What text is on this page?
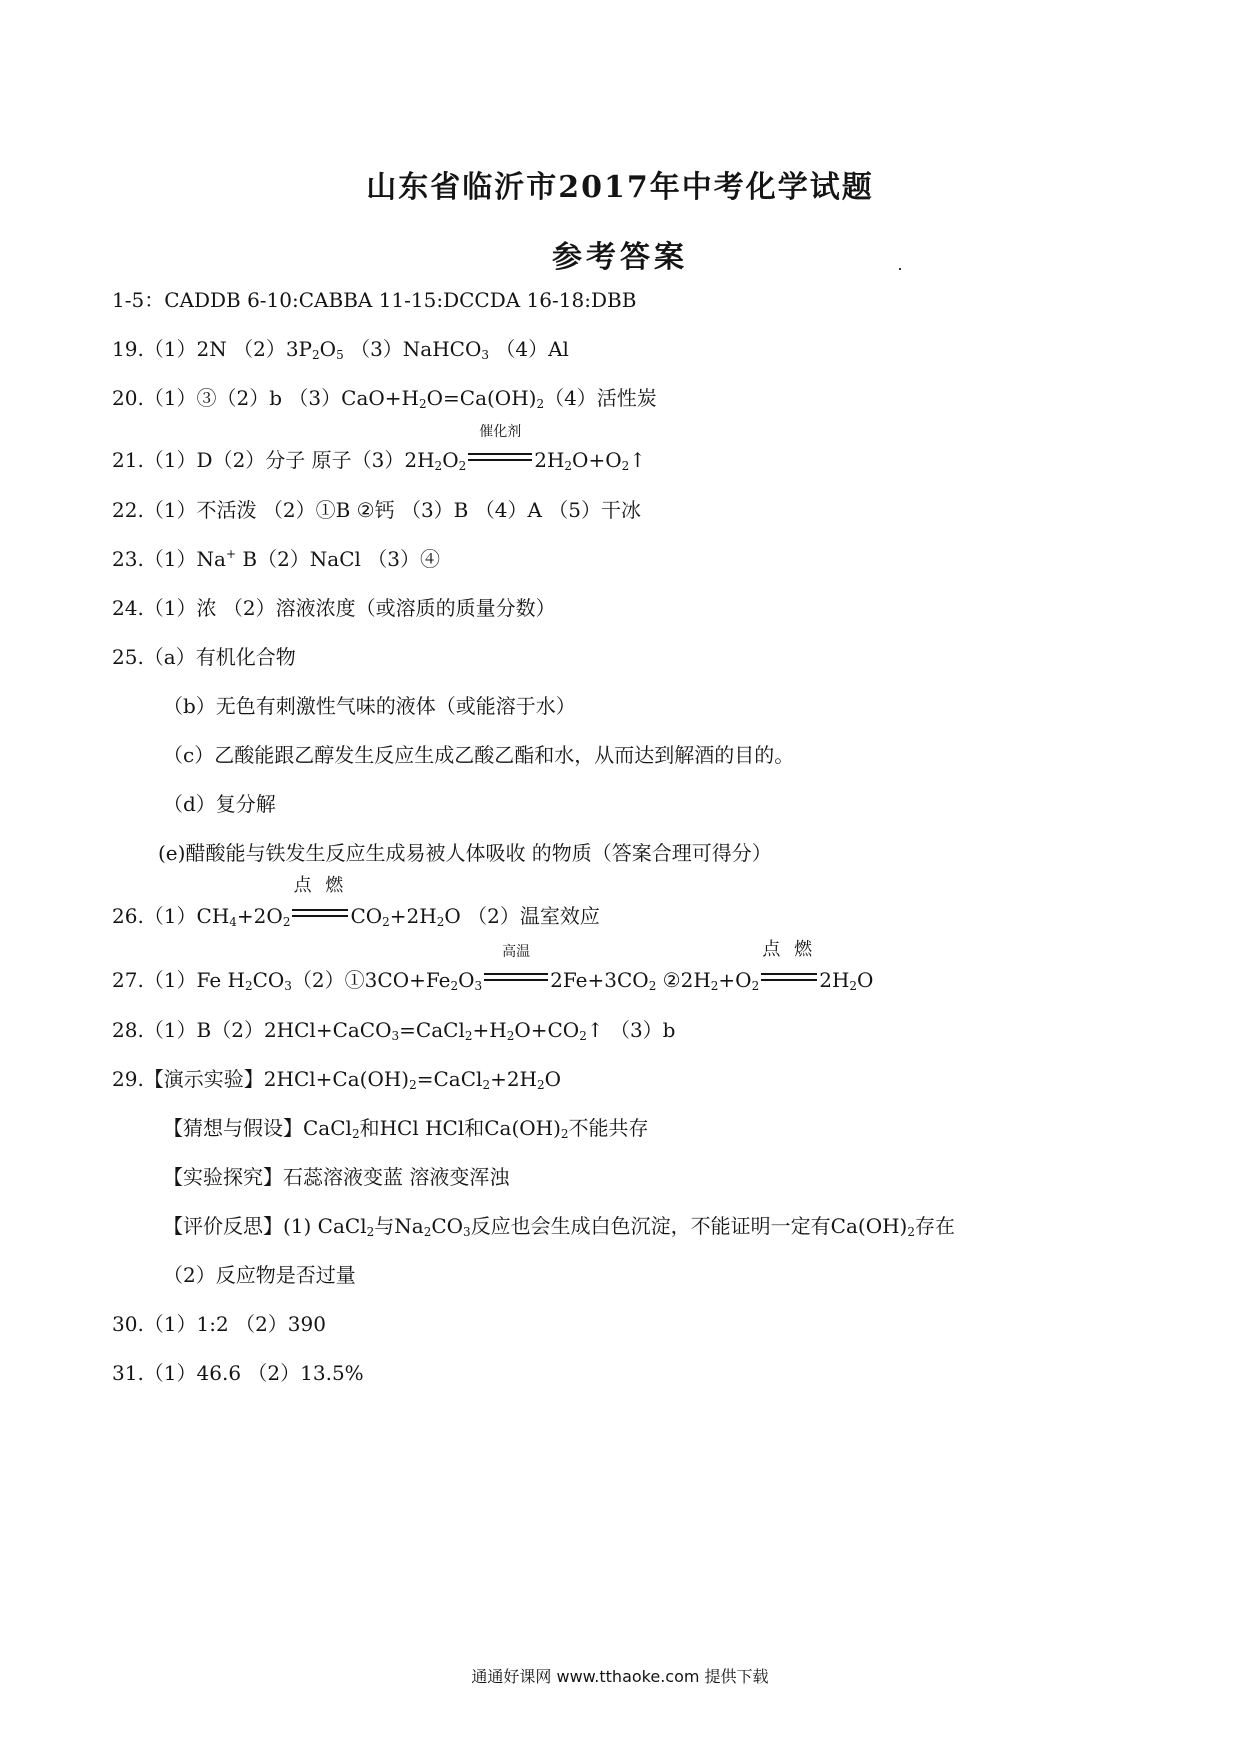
山东省临沂市2017年中考化学试题
参考答案
1-5：CADDB 6-10:CABBA 11-15:DCCDA 16-18:DBB
19.（1）2N $(2)3P_2O_5$ （3）NaHCO$_3$ （4）Al
20.（1）③（2）b $(3)CaO+H_2O=Ca(OH)_2(4)$活性炭
21.（1）D（2）分子 原子$(3)2H_2O_2$
催化剂
$2H_2O+O_2↑$
22.（1）不活泼 （2）①B ②钙 （3）B （4）A （5）干冰
23.（1）Na+ B（2）NaCl （3）④
24.（1）浓 （2）溶液浓度（或溶质的质量分数）
25.（a）有机化合物
（b）无色有刺激性气味的液体（或能溶于水）
（c）乙酸能跟乙醇发生反应生成乙酸乙酯和水，从而达到解酒的目的。
（d）复分解
(e)醋酸能与铁发生反应生成易被人体吸收 的物质（答案合理可得分）
$26.(1)CH_4+2O_2$
点 燃
$CO_2+2H_2O$ （2）温室效应
27.（1）Fe $H_2CO_3(2)①3CO+Fe_2O_3$
高温
$2Fe+3CO_2$ $②2H_2+O_2$
点 燃
$2H_2O$
$28.(1)B(2)2HCl+CaCO_3=CaCl_2+H_2O+CO_2↑$ （3）b
29.【演示实验】$2HCl+Ca(OH)_2=CaCl_2+2H_2O$
【猜想与假设】CaCl$_2$和HCl HCl和$Ca(OH)_2$不能共存
【实验探究】石蕊溶液变蓝 溶液变浑浊
【评价反思】(1) CaCl$_2$与$Na_2CO_3$反应也会生成白色沉淀，不能证明一定有$Ca(OH)_2$存在
（2）反应物是否过量
30.（1）1:2 （2）390
31.（1）46.6 （2）13.5%
通通好课网 www.tthaoke.com 提供下载
